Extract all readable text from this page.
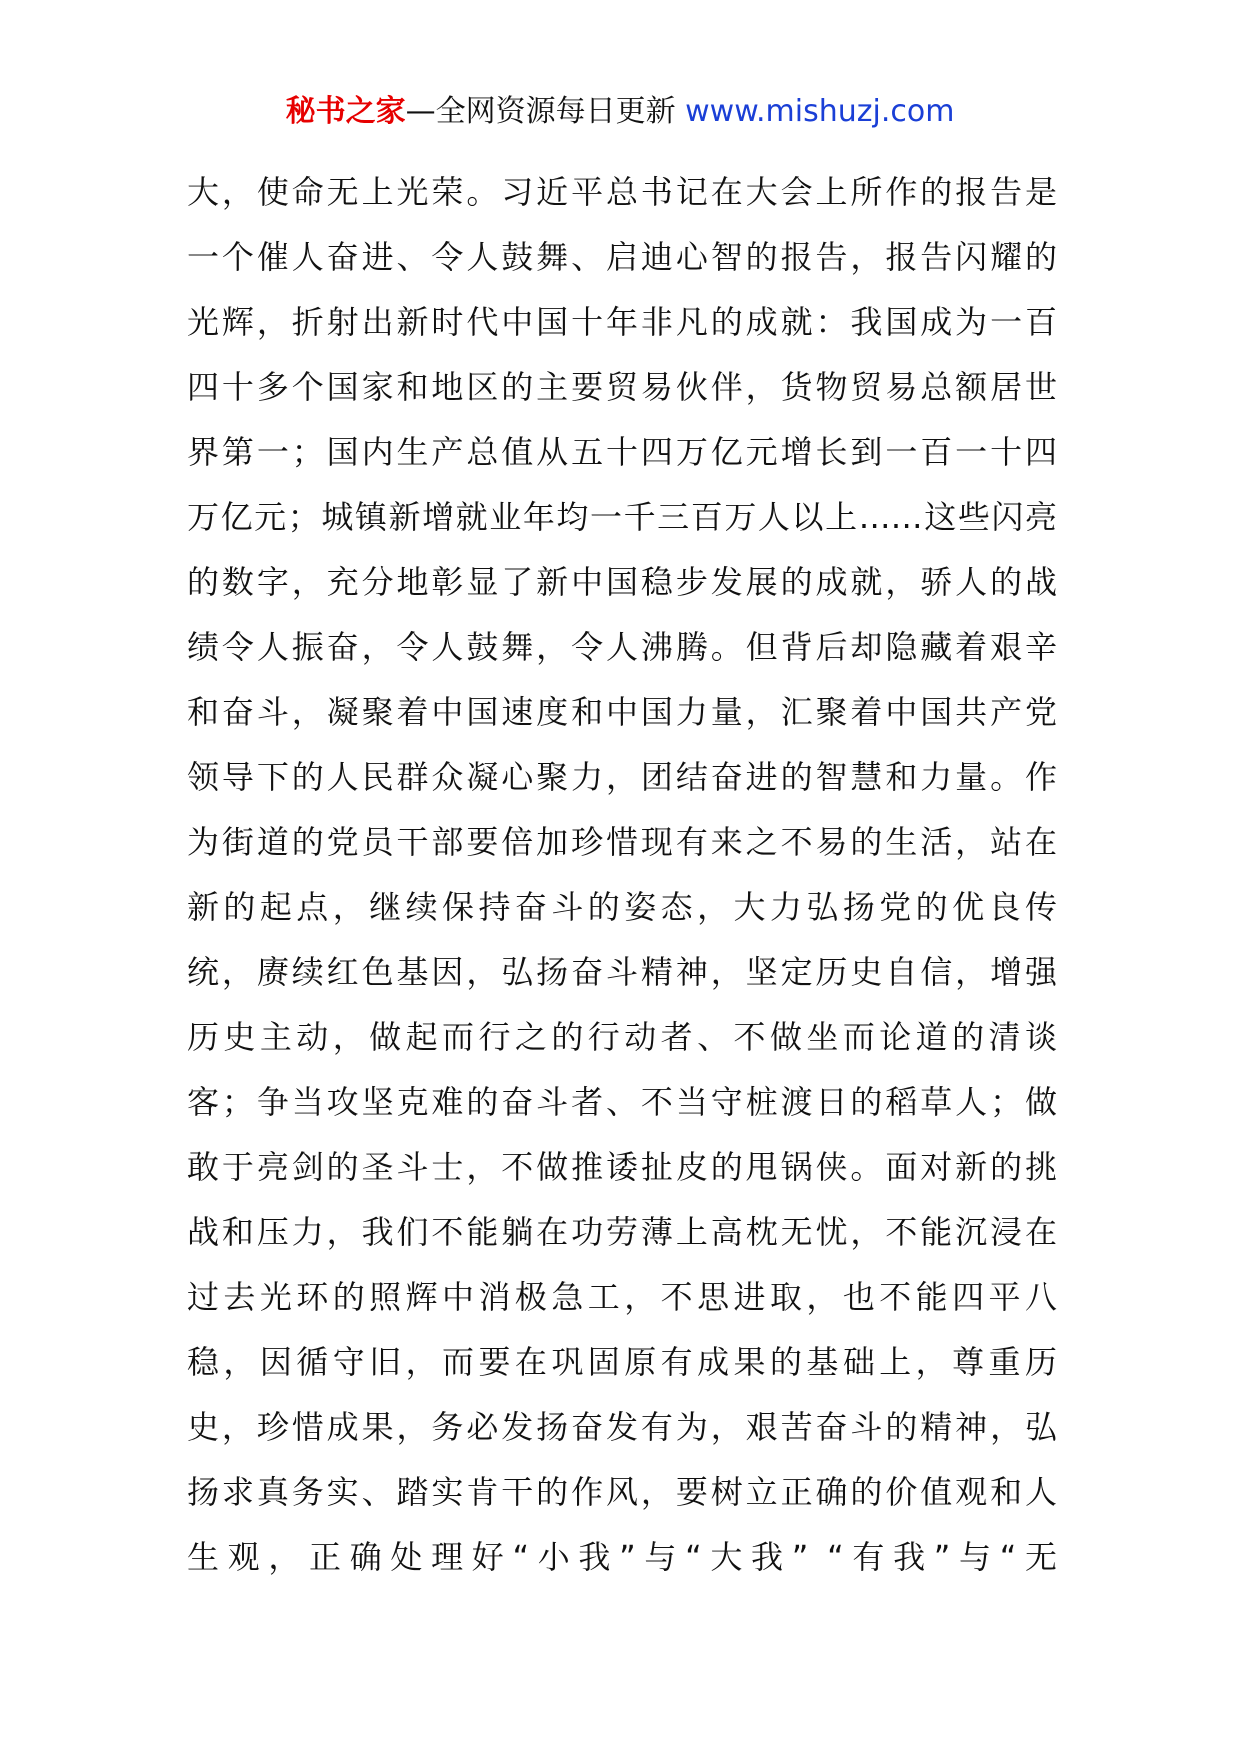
秘书之家—全网资源每日更新 www.mishuzj.com
大，使命无上光荣。习近平总书记在大会上所作的报告是
一个催人奋进、令人鼓舞、启迪心智的报告，报告闪耀的
光辉，折射出新时代中国十年非凡的成就：我国成为一百
四十多个国家和地区的主要贸易伙伴，货物贸易总额居世
界第一；国内生产总值从五十四万亿元增长到一百一十四
万亿元；城镇新增就业年均一千三百万人以上……这些闪亮
的数字，充分地彰显了新中国稳步发展的成就，骄人的战
绩令人振奋，令人鼓舞，令人沸腾。但背后却隐藏着艰辛
和奋斗，凝聚着中国速度和中国力量，汇聚着中国共产党
领导下的人民群众凝心聚力，团结奋进的智慧和力量。作
为街道的党员干部要倍加珍惜现有来之不易的生活，站在
新的起点，继续保持奋斗的姿态，大力弘扬党的优良传
统，赓续红色基因，弘扬奋斗精神，坚定历史自信，增强
历史主动，做起而行之的行动者、不做坐而论道的清谈
客；争当攻坚克难的奋斗者、不当守桩渡日的稻草人；做
敢于亮剑的圣斗士，不做推诿扯皮的甩锅侠。面对新的挑
战和压力，我们不能躺在功劳薄上高枕无忧，不能沉浸在
过去光环的照辉中消极急工，不思进取，也不能四平八
稳，因循守旧，而要在巩固原有成果的基础上，尊重历
史，珍惜成果，务必发扬奋发有为，艰苦奋斗的精神，弘
扬求真务实、踏实肯干的作风，要树立正确的价值观和人
生观，正确处理好“小我”与“大我” “有我”与“无
